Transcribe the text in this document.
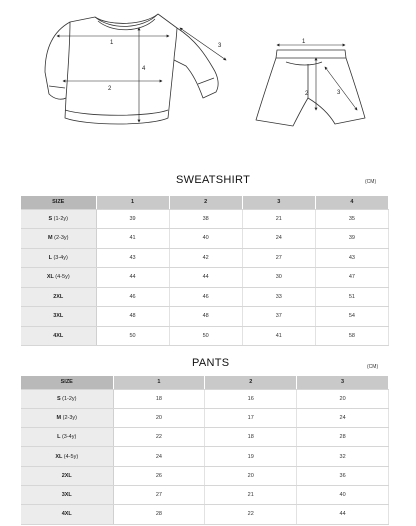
1
2
3
4
1
2	3
SWEATSHIRT	(CM)
SIZE	1	2	3	4
S (1-2y)	39	38	21	35
M (2-3y)	41	40	24	39
L (3-4y)	43	42	27	43
XL (4-5y)	44	44	30	47
2XL	46	46	33	51
3XL	48	48	37	54
4XL	50	50	41	58
PANTS	(CM)
SIZE	1	2	3
S (1-2y)	18	16	20
M (2-3y)	20	17	24
L (3-4y)	22	18	28
XL (4-5y)	24	19	32
2XL	26	20	36
3XL	27	21	40
4XL	28	22	44
